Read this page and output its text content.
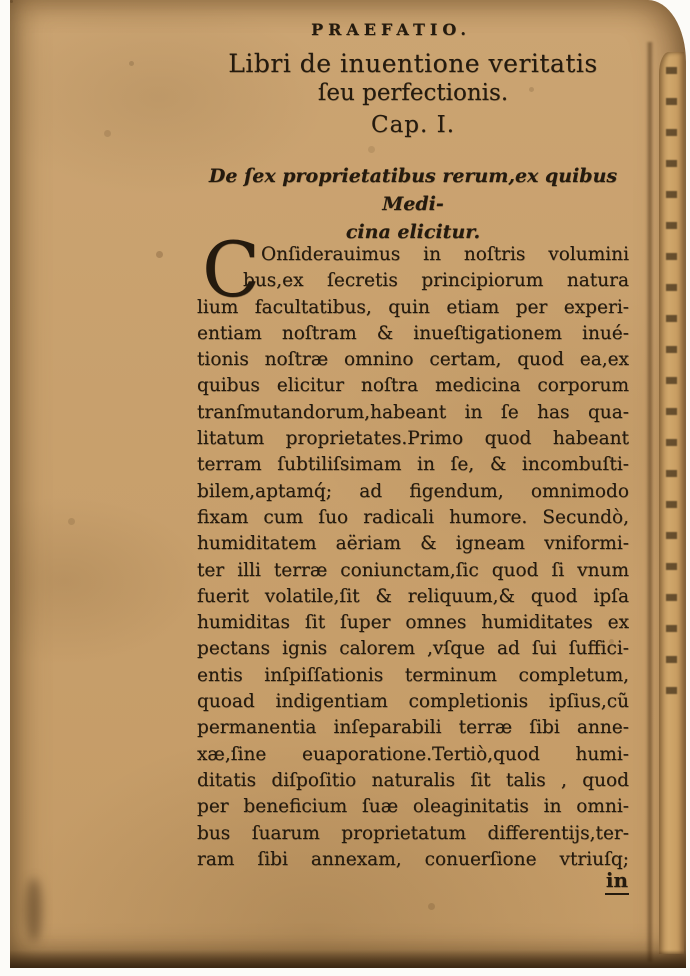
PRAEFATIO.
Libri de inuentione veritatis
ſeu perfectionis.
Cap. I.
De ſex proprietatibus rerum,ex quibus Medi-
cina elicitur.
C Onſiderauimus in noſtris volumini
bus,ex ſecretis principiorum natura
lium facultatibus, quin etiam per experi-
entiam noſtram & inueſtigationem inué-
tionis noſtræ omnino certam, quod ea,ex
quibus elicitur noſtra medicina corporum
tranſmutandorum,habeant in ſe has qua-
litatum proprietates.Primo quod habeant
terram ſubtiliſsimam in ſe, & incombuſti-
bilem,aptamq́; ad figendum, omnimodo
fixam cum ſuo radicali humore. Secundò,
humiditatem aëriam & igneam vniformi-
ter illi terræ coniunctam,ſic quod ſi vnum
fuerit volatile,ſit & reliquum,& quod ipſa
humiditas ſit ſuper omnes humiditates ex
pectans ignis calorem ,vſque ad ſui ſuffici-
entis inſpiſſationis terminum completum,
quoad indigentiam completionis ipſius,cũ
permanentia inſeparabili terræ ſibi anne-
xæ,ſine euaporatione.Tertiò,quod humi-
ditatis diſpoſitio naturalis ſit talis , quod
per beneficium ſuæ oleaginitatis in omni-
bus ſuarum proprietatum differentijs,ter-
ram ſibi annexam, conuerſione vtriuſq;
in
